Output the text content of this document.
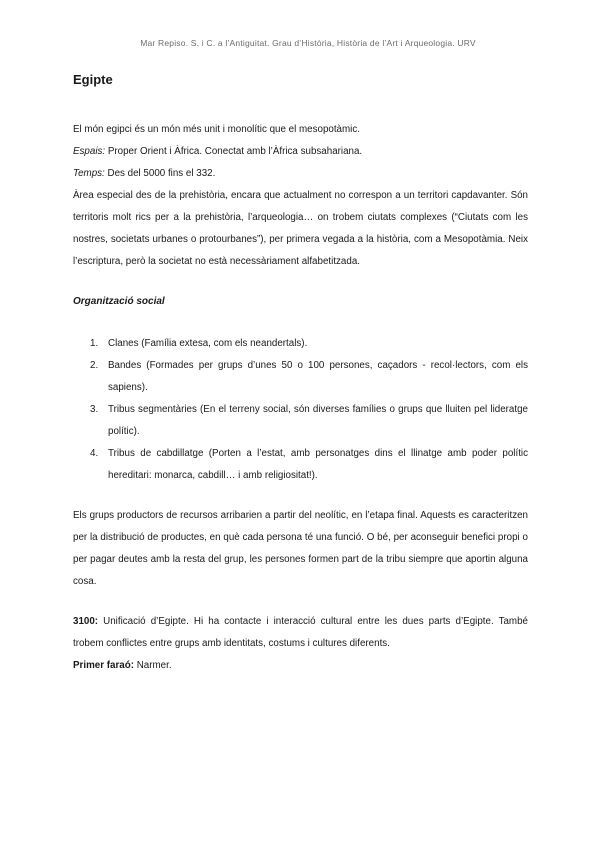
Mar Repiso. S. i C. a l’Antiguitat. Grau d’Història, Història de l’Art i Arqueologia. URV
Egipte

El món egipci és un món més unit i monolític que el mesopotàmic.

Espais: Proper Orient i Àfrica. Conectat amb l’Àfrica subsahariana.

Temps: Des del 5000 fins el 332.

Àrea especial des de la prehistòria, encara que actualment no correspon a un territori capdavanter. Són territoris molt rics per a la prehistòria, l’arqueologia… on trobem ciutats complexes (“Ciutats com les nostres, societats urbanes o protourbanes”), per primera vegada a la història, com a Mesopotàmia. Neix l’escriptura, però la societat no està necessàriament alfabetitzada.

Organització social

1. Clanes (Família extesa, com els neandertals).
2. Bandes (Formades per grups d’unes 50 o 100 persones, caçadors - recol·lectors, com els sapiens).
3. Tribus segmentàries (En el terreny social, són diverses famílies o grups que lluiten pel lideratge polític).
4. Tribus de cabdillatge (Porten a l’estat, amb personatges dins el llinatge amb poder polític hereditari: monarca, cabdill… i amb religiositat!).

Els grups productors de recursos arribarien a partir del neolític, en l’etapa final. Aquests es caracteritzen per la distribució de productes, en què cada persona té una funció. O bé, per aconseguir benefici propi o per pagar deutes amb la resta del grup, les persones formen part de la tribu siempre que aportin alguna cosa.

3100: Unificació d’Egipte. Hi ha contacte i interacció cultural entre les dues parts d’Egipte. També trobem conflictes entre grups amb identitats, costums i cultures diferents.

Primer faraó: Narmer.
